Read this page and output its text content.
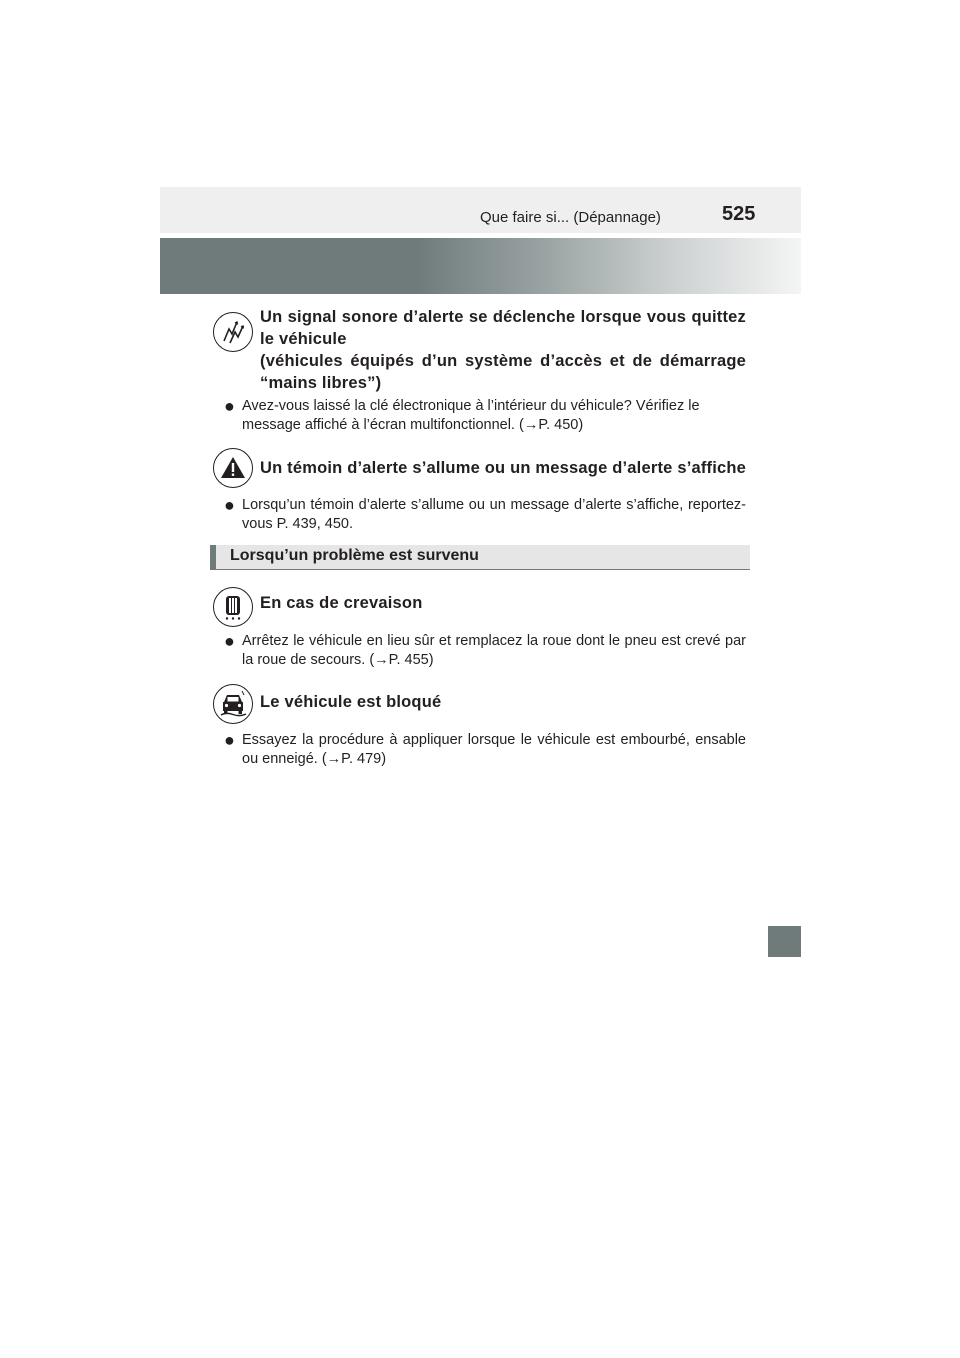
Que faire si... (Dépannage)	525
Un signal sonore d’alerte se déclenche lorsque vous quittez
le véhicule
(véhicules équipés d’un système d’accès et de démarrage
“mains libres”)
● Avez-vous laissé la clé électronique à l’intérieur du véhicule? Vérifiez le message affiché à l’écran multifonctionnel. (→P. 450)
Un témoin d’alerte s’allume ou un message d’alerte s’affiche
● Lorsqu’un témoin d’alerte s’allume ou un message d’alerte s’affiche, reportez-vous P. 439, 450.
Lorsqu’un problème est survenu
En cas de crevaison
● Arrêtez le véhicule en lieu sûr et remplacez la roue dont le pneu est crevé par la roue de secours. (→P. 455)
Le véhicule est bloqué
● Essayez la procédure à appliquer lorsque le véhicule est embourbé, ensable ou enneigé. (→P. 479)
